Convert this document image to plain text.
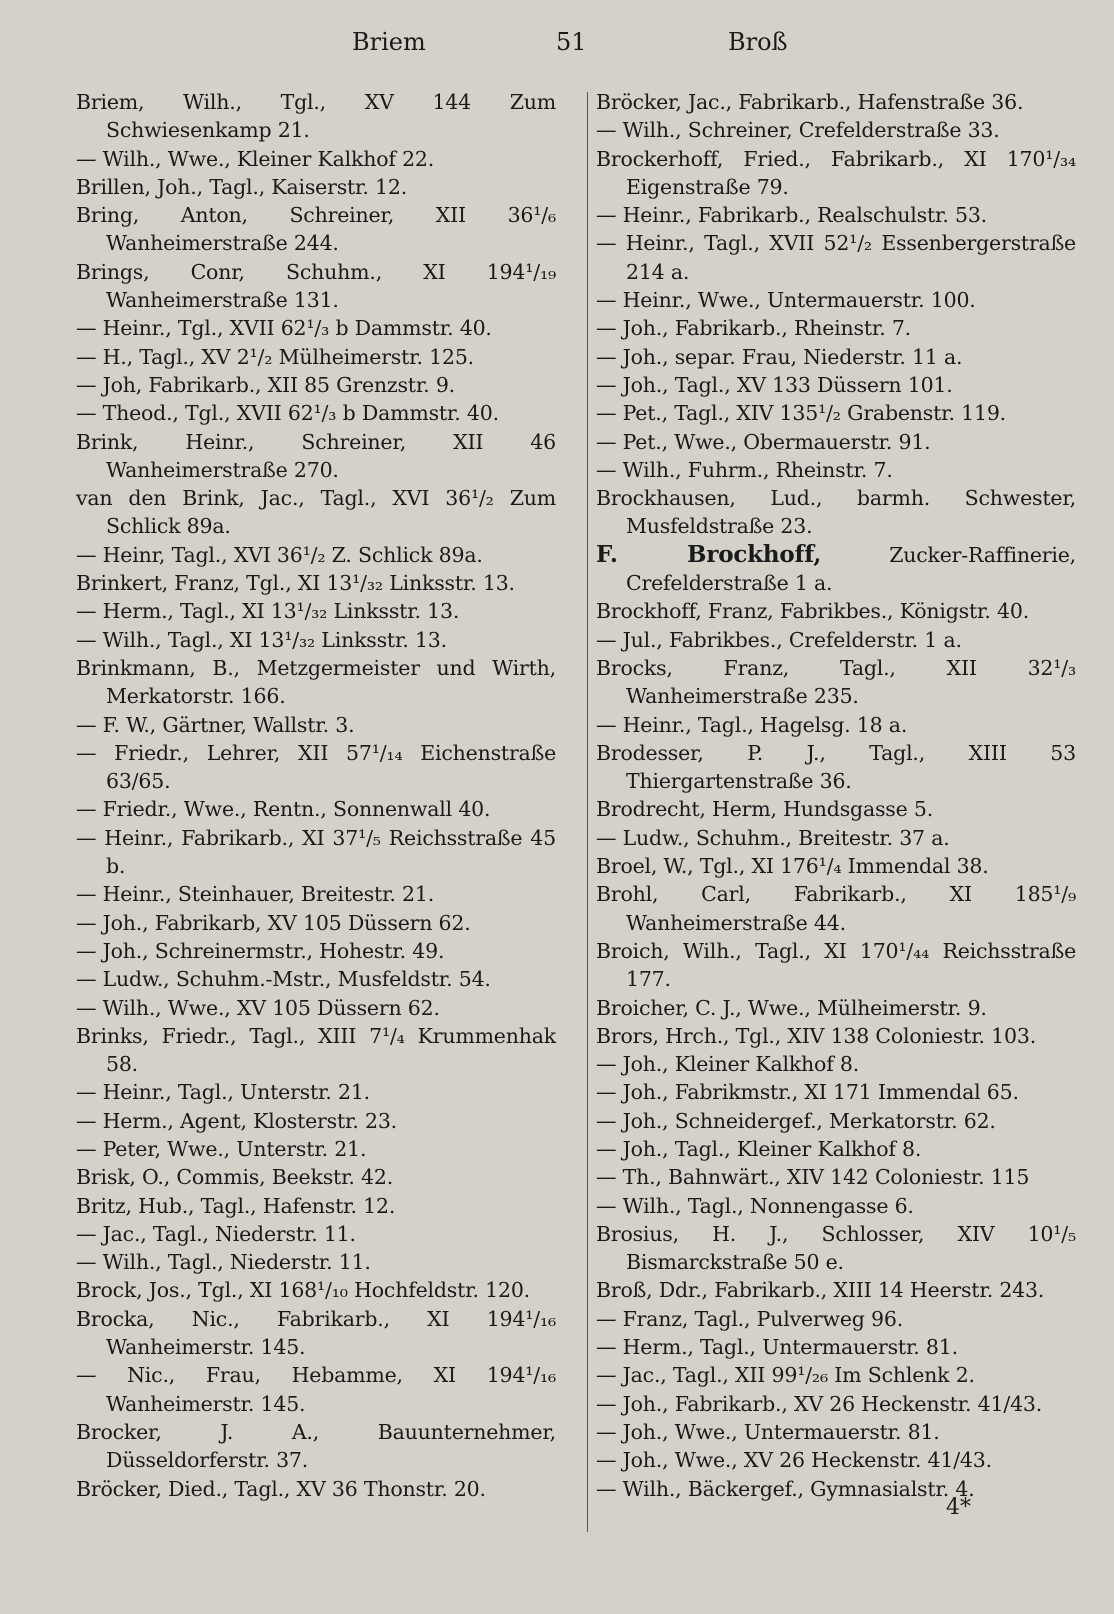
Briem	51	Broß

Briem, Wilh., Tgl., XV 144 Zum Schwiesenkamp 21.

— Wilh., Wwe., Kleiner Kalkhof 22.

Brillen, Joh., Tagl., Kaiserstr. 12.

Bring, Anton, Schreiner, XII 36¹/₆ Wanheimerstraße 244.

Brings, Conr, Schuhm., XI 194¹/₁₉ Wanheimerstraße 131.

— Heinr., Tgl., XVII 62¹/₃ b Dammstr. 40.

— H., Tagl., XV 2¹/₂ Mülheimerstr. 125.

— Joh, Fabrikarb., XII 85 Grenzstr. 9.

— Theod., Tgl., XVII 62¹/₃ b Dammstr. 40.

Brink, Heinr., Schreiner, XII 46 Wanheimerstraße 270.

van den Brink, Jac., Tagl., XVI 36¹/₂ Zum Schlick 89a.

— Heinr, Tagl., XVI 36¹/₂ Z. Schlick 89a.

Brinkert, Franz, Tgl., XI 13¹/₃₂ Linksstr. 13.

— Herm., Tagl., XI 13¹/₃₂ Linksstr. 13.

— Wilh., Tagl., XI 13¹/₃₂ Linksstr. 13.

Brinkmann, B., Metzgermeister und Wirth, Merkatorstr. 166.

— F. W., Gärtner, Wallstr. 3.

— Friedr., Lehrer, XII 57¹/₁₄ Eichenstraße 63/65.

— Friedr., Wwe., Rentn., Sonnenwall 40.

— Heinr., Fabrikarb., XI 37¹/₅ Reichsstraße 45 b.

— Heinr., Steinhauer, Breitestr. 21.

— Joh., Fabrikarb, XV 105 Düssern 62.

— Joh., Schreinermstr., Hohestr. 49.

— Ludw., Schuhm.-Mstr., Musfeldstr. 54.

— Wilh., Wwe., XV 105 Düssern 62.

Brinks, Friedr., Tagl., XIII 7¹/₄ Krummenhak 58.

— Heinr., Tagl., Unterstr. 21.

— Herm., Agent, Klosterstr. 23.

— Peter, Wwe., Unterstr. 21.

Brisk, O., Commis, Beekstr. 42.

Britz, Hub., Tagl., Hafenstr. 12.

— Jac., Tagl., Niederstr. 11.

— Wilh., Tagl., Niederstr. 11.

Brock, Jos., Tgl., XI 168¹/₁₀ Hochfeldstr. 120.

Brocka, Nic., Fabrikarb., XI 194¹/₁₆ Wanheimerstr. 145.

— Nic., Frau, Hebamme, XI 194¹/₁₆ Wanheimerstr. 145.

Brocker, J. A., Bauunternehmer, Düsseldorferstr. 37.

Bröcker, Died., Tagl., XV 36 Thonstr. 20.

Bröcker, Jac., Fabrikarb., Hafenstraße 36.

— Wilh., Schreiner, Crefelderstraße 33.

Brockerhoff, Fried., Fabrikarb., XI 170¹/₃₄ Eigenstraße 79.

— Heinr., Fabrikarb., Realschulstr. 53.

— Heinr., Tagl., XVII 52¹/₂ Essenbergerstraße 214 a.

— Heinr., Wwe., Untermauerstr. 100.

— Joh., Fabrikarb., Rheinstr. 7.

— Joh., separ. Frau, Niederstr. 11 a.

— Joh., Tagl., XV 133 Düssern 101.

— Pet., Tagl., XIV 135¹/₂ Grabenstr. 119.

— Pet., Wwe., Obermauerstr. 91.

— Wilh., Fuhrm., Rheinstr. 7.

Brockhausen, Lud., barmh. Schwester, Musfeldstraße 23.

F. Brockhoff,	Zucker-Raffinerie, Crefelderstraße 1 a.

Brockhoff, Franz, Fabrikbes., Königstr. 40.

— Jul., Fabrikbes., Crefelderstr. 1 a.

Brocks, Franz, Tagl., XII 32¹/₃ Wanheimerstraße 235.

— Heinr., Tagl., Hagelsg. 18 a.

Brodesser, P. J., Tagl., XIII 53 Thiergartenstraße 36.

Brodrecht, Herm, Hundsgasse 5.

— Ludw., Schuhm., Breitestr. 37 a.

Broel, W., Tgl., XI 176¹/₄ Immendal 38.

Brohl, Carl, Fabrikarb., XI 185¹/₉ Wanheimerstraße 44.

Broich, Wilh., Tagl., XI 170¹/₄₄ Reichsstraße 177.

Broicher, C. J., Wwe., Mülheimerstr. 9.

Brors, Hrch., Tgl., XIV 138 Coloniestr. 103.

— Joh., Kleiner Kalkhof 8.

— Joh., Fabrikmstr., XI 171 Immendal 65.

— Joh., Schneidergef., Merkatorstr. 62.

— Joh., Tagl., Kleiner Kalkhof 8.

— Th., Bahnwärt., XIV 142 Coloniestr. 115

— Wilh., Tagl., Nonnengasse 6.

Brosius, H. J., Schlosser, XIV 10¹/₅ Bismarckstraße 50 e.

Broß, Ddr., Fabrikarb., XIII 14 Heerstr. 243.

— Franz, Tagl., Pulverweg 96.

— Herm., Tagl., Untermauerstr. 81.

— Jac., Tagl., XII 99¹/₂₆ Im Schlenk 2.

— Joh., Fabrikarb., XV 26 Heckenstr. 41/43.

— Joh., Wwe., Untermauerstr. 81.

— Joh., Wwe., XV 26 Heckenstr. 41/43.

— Wilh., Bäckergef., Gymnasialstr. 4.

4*
